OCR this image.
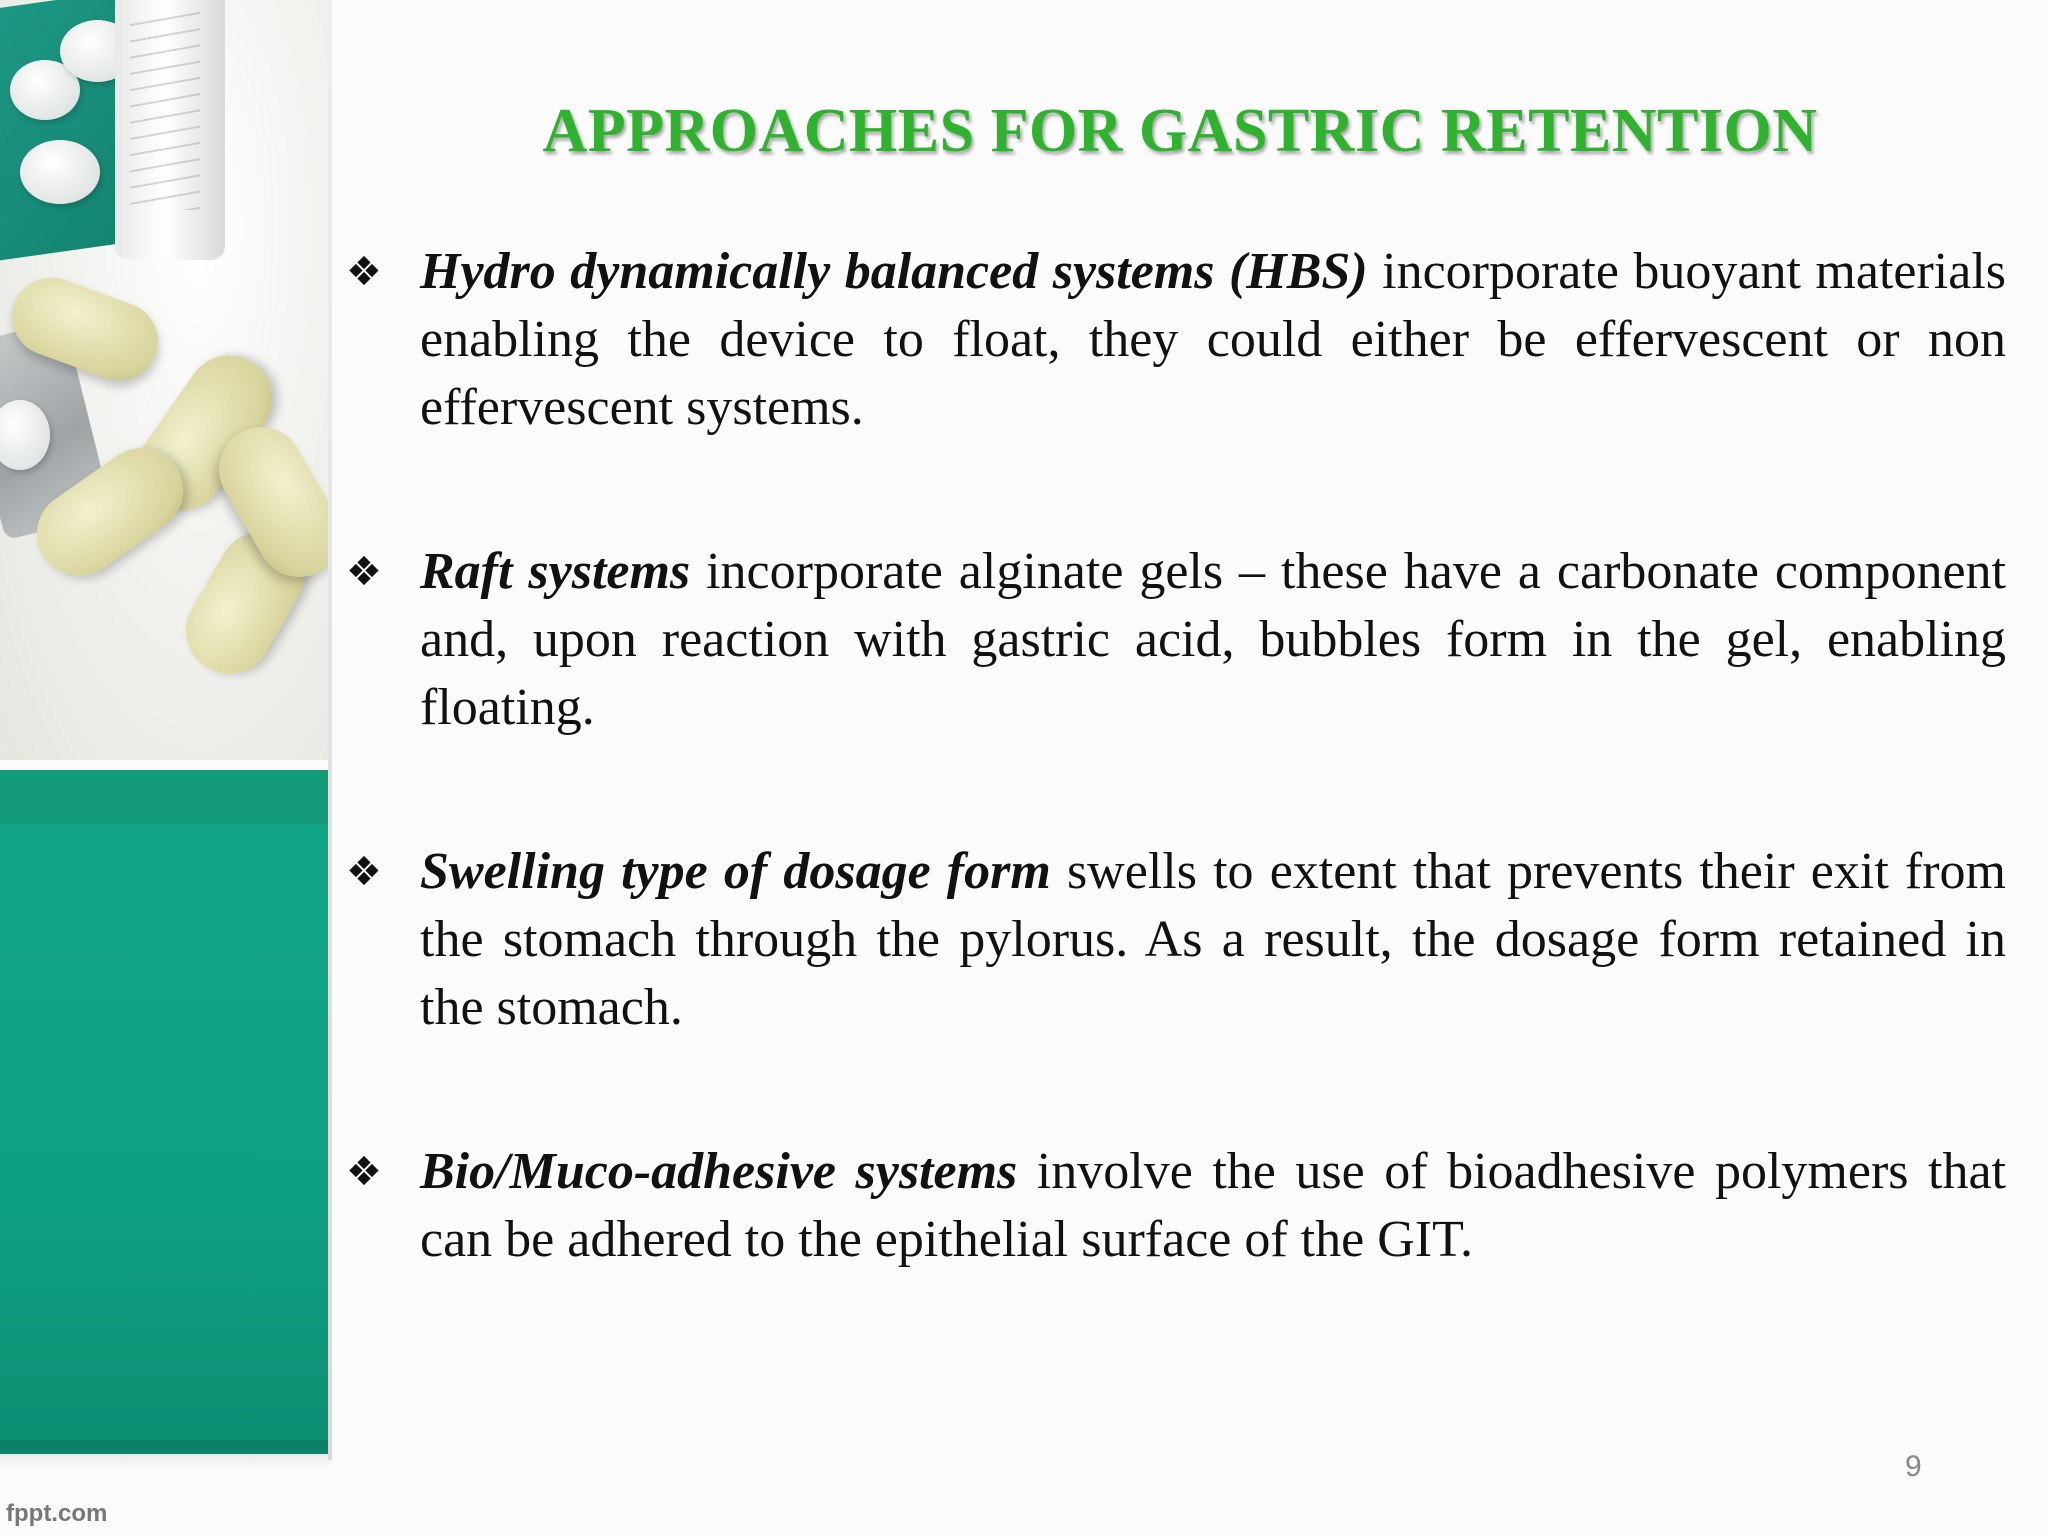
APPROACHES FOR GASTRIC RETENTION

❖ Hydro dynamically balanced systems (HBS) incorporate buoyant materials enabling the device to float, they could either be effervescent or non effervescent systems.

❖ Raft systems incorporate alginate gels – these have a carbonate component and, upon reaction with gastric acid, bubbles form in the gel, enabling floating.

❖ Swelling type of dosage form swells to extent that prevents their exit from the stomach through the pylorus. As a result, the dosage form retained in the stomach.

❖ Bio/Muco-adhesive systems involve the use of bioadhesive polymers that can be adhered to the epithelial surface of the GIT.

9
fppt.com
